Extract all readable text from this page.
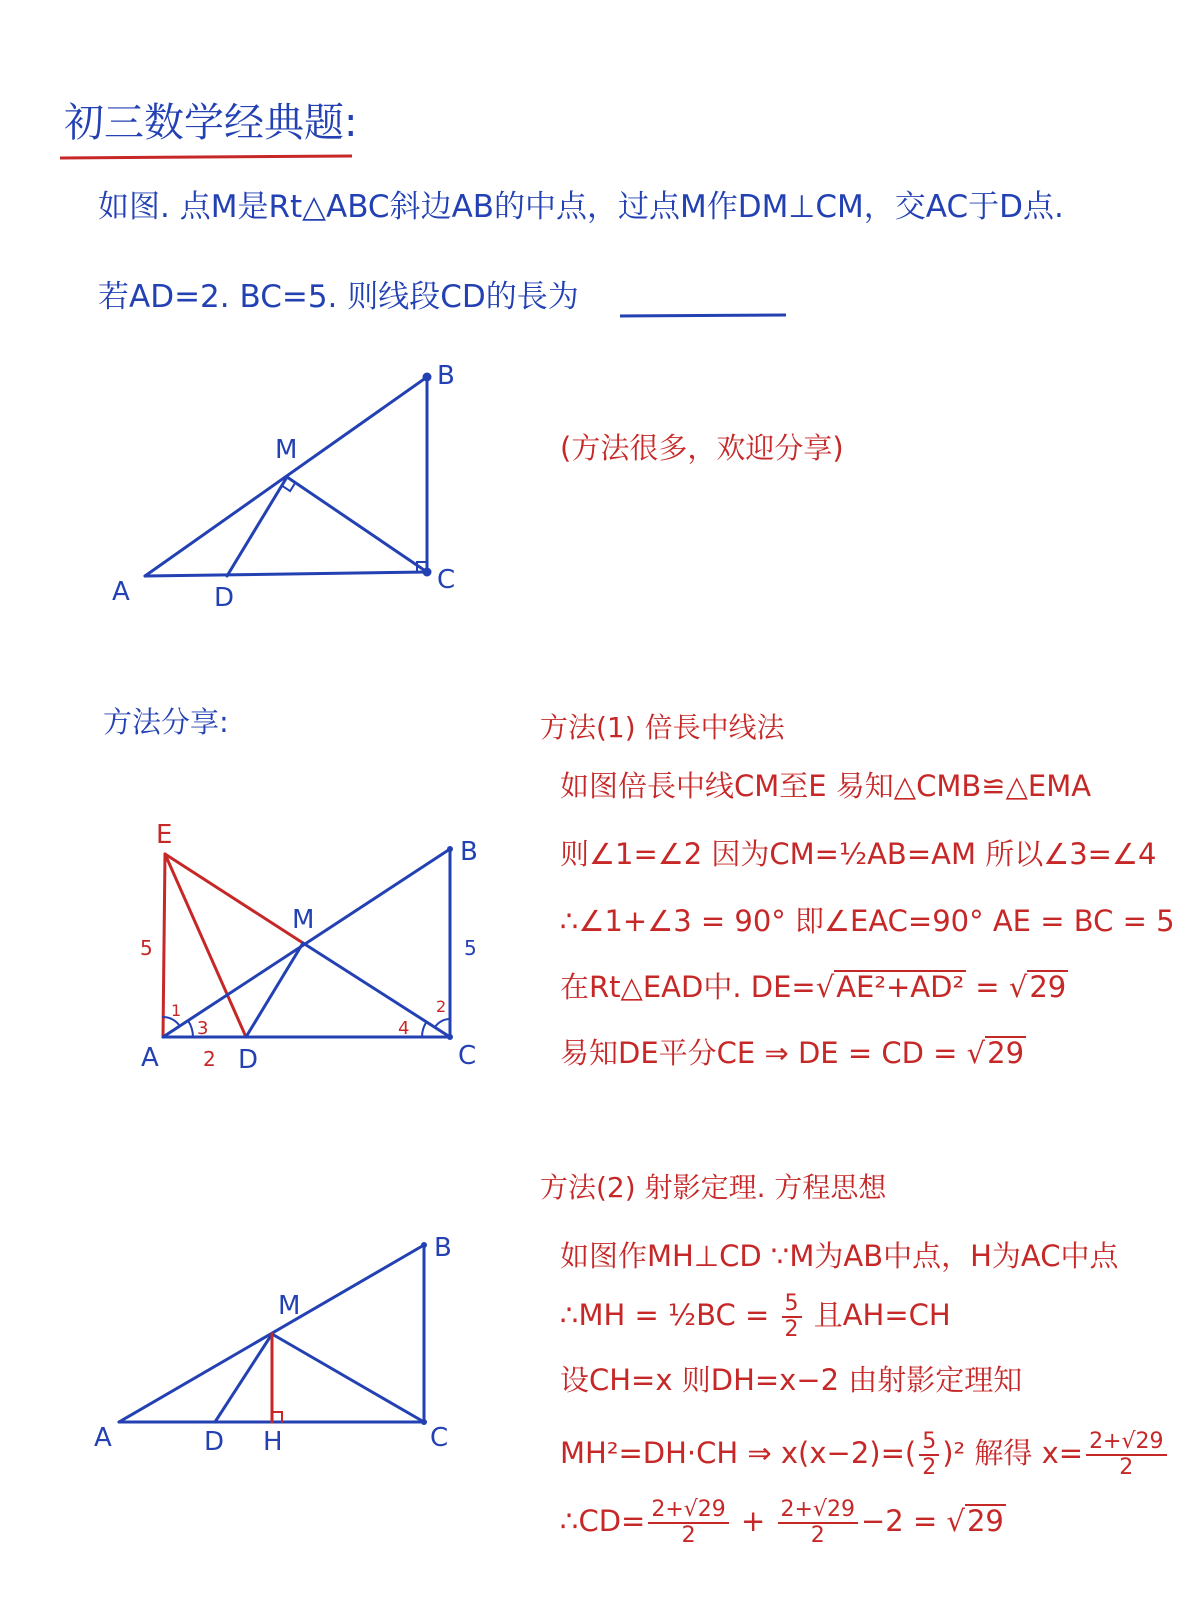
A
B
C
M
D
E
B
M
A	D	C
5	5
2
1
3	4
2
B
M
A	D H	C
初三数学经典题:
如图. 点M是Rt△ABC斜边AB的中点，过点M作DM⊥CM，交AC于D点.
若AD=2. BC=5. 则线段CD的長为
(方法很多，欢迎分享)
方法分享:	方法(1) 倍長中线法
如图倍長中线CM至E 易知△CMB≌△EMA
则∠1=∠2 因为CM=½AB=AM 所以∠3=∠4
∴∠1+∠3 = 90° 即∠EAC=90° AE = BC = 5
在Rt△EAD中. DE=√AE²+AD² = √29
易知DE平分CE ⇒ DE = CD = √29
方法(2) 射影定理. 方程思想
如图作MH⊥CD ∵M为AB中点，H为AC中点
∴MH = ½BC = $\frac{5}{2}$ 且AH=CH
设CH=x 则DH=x−2 由射影定理知
MH²=DH·CH ⇒ $x(x-2)=( \frac{5}{2} )^2$ 解得 $x= \frac{2+√29}{2}$
∴CD= $\frac{2+√29}{2} + \frac{2+√29}{2} -2 = √29$
